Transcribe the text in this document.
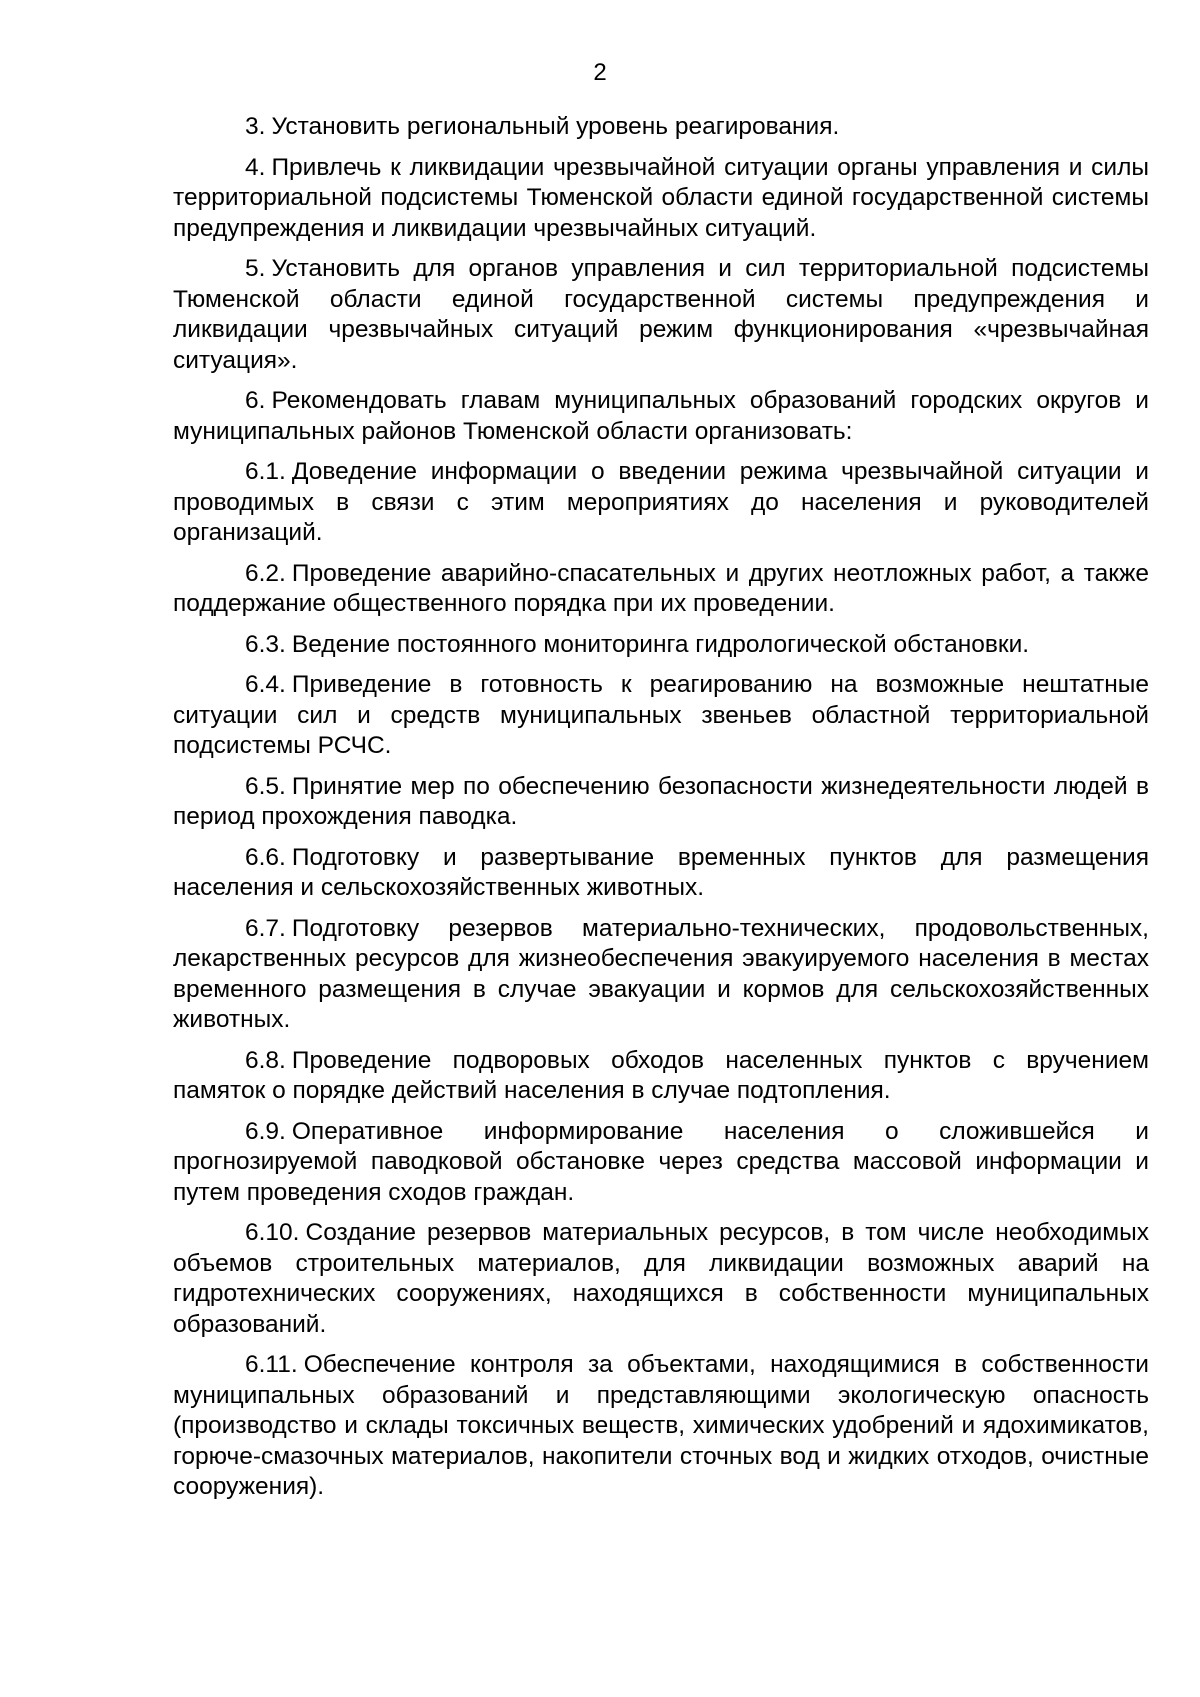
2

3. Установить региональный уровень реагирования.

4. Привлечь к ликвидации чрезвычайной ситуации органы управления и силы территориальной подсистемы Тюменской области единой государственной системы предупреждения и ликвидации чрезвычайных ситуаций.

5. Установить для органов управления и сил территориальной подсистемы Тюменской области единой государственной системы предупреждения и ликвидации чрезвычайных ситуаций режим функционирования «чрезвычайная ситуация».

6. Рекомендовать главам муниципальных образований городских округов и муниципальных районов Тюменской области организовать:

6.1. Доведение информации о введении режима чрезвычайной ситуации и проводимых в связи с этим мероприятиях до населения и руководителей организаций.

6.2. Проведение аварийно-спасательных и других неотложных работ, а также поддержание общественного порядка при их проведении.

6.3. Ведение постоянного мониторинга гидрологической обстановки.

6.4. Приведение в готовность к реагированию на возможные нештатные ситуации сил и средств муниципальных звеньев областной территориальной подсистемы РСЧС.

6.5. Принятие мер по обеспечению безопасности жизнедеятельности людей в период прохождения паводка.

6.6. Подготовку и развертывание временных пунктов для размещения населения и сельскохозяйственных животных.

6.7. Подготовку резервов материально-технических, продовольственных, лекарственных ресурсов для жизнеобеспечения эвакуируемого населения в местах временного размещения в случае эвакуации и кормов для сельскохозяйственных животных.

6.8. Проведение подворовых обходов населенных пунктов с вручением памяток о порядке действий населения в случае подтопления.

6.9. Оперативное информирование населения о сложившейся и прогнозируемой паводковой обстановке через средства массовой информации и путем проведения сходов граждан.

6.10. Создание резервов материальных ресурсов, в том числе необходимых объемов строительных материалов, для ликвидации возможных аварий на гидротехнических сооружениях, находящихся в собственности муниципальных образований.

6.11. Обеспечение контроля за объектами, находящимися в собственности муниципальных образований и представляющими экологическую опасность (производство и склады токсичных веществ, химических удобрений и ядохимикатов, горюче-смазочных материалов, накопители сточных вод и жидких отходов, очистные сооружения).
